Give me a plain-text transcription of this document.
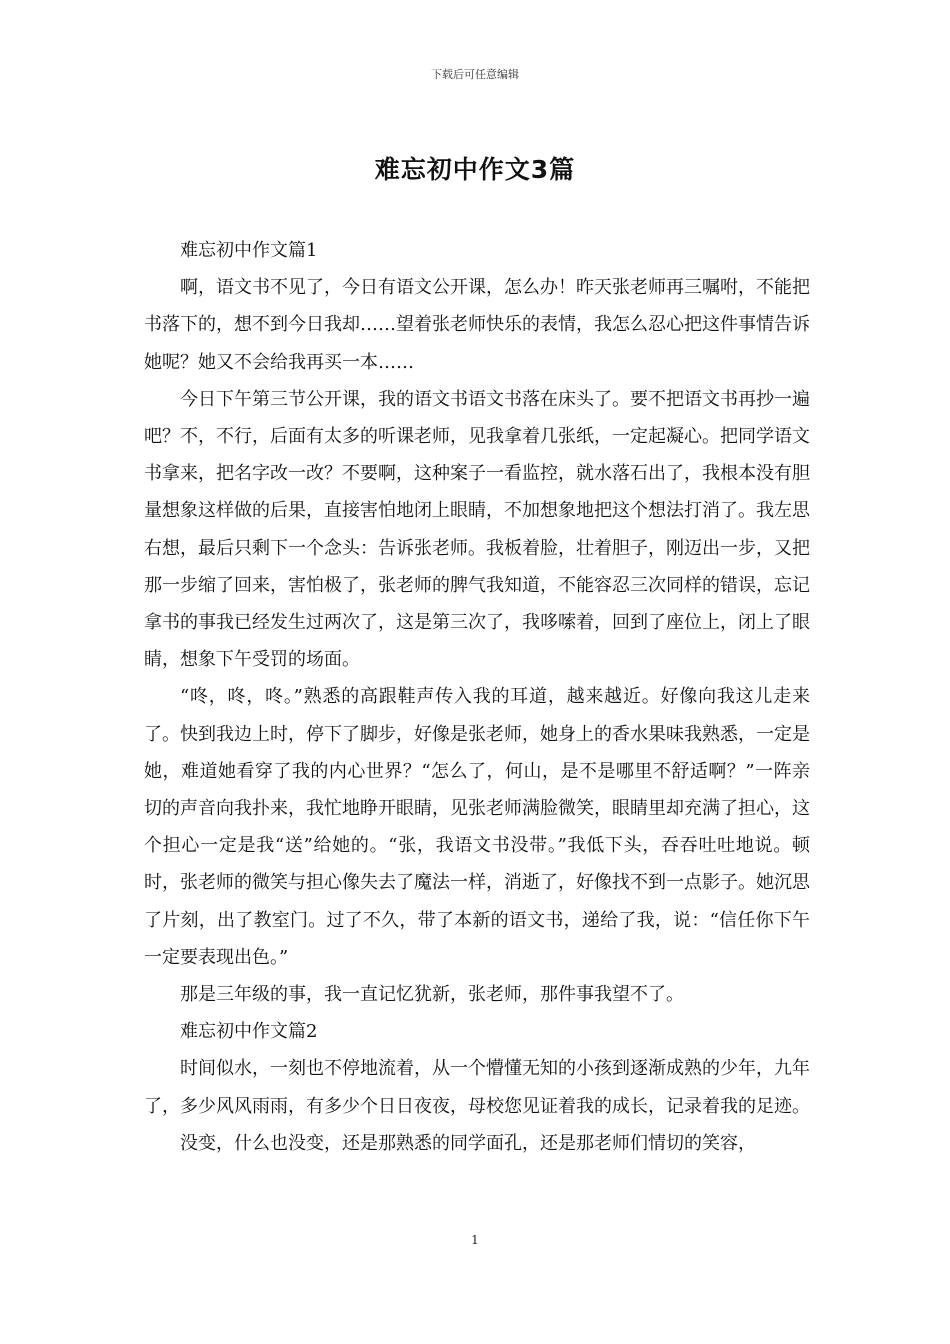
下载后可任意编辑
难忘初中作文3篇

难忘初中作文篇1

啊，语文书不见了，今日有语文公开课，怎么办！昨天张老师再三嘱咐，不能把书落下的，想不到今日我却……望着张老师快乐的表情，我怎么忍心把这件事情告诉她呢？她又不会给我再买一本……

今日下午第三节公开课，我的语文书语文书落在床头了。要不把语文书再抄一遍吧？不，不行，后面有太多的听课老师，见我拿着几张纸，一定起凝心。把同学语文书拿来，把名字改一改？不要啊，这种案子一看监控，就水落石出了，我根本没有胆量想象这样做的后果，直接害怕地闭上眼睛，不加想象地把这个想法打消了。我左思右想，最后只剩下一个念头：告诉张老师。我板着脸，壮着胆子，刚迈出一步，又把那一步缩了回来，害怕极了，张老师的脾气我知道，不能容忍三次同样的错误，忘记拿书的事我已经发生过两次了，这是第三次了，我哆嗦着，回到了座位上，闭上了眼睛，想象下午受罚的场面。

“咚，咚，咚。”熟悉的高跟鞋声传入我的耳道，越来越近。好像向我这儿走来了。快到我边上时，停下了脚步，好像是张老师，她身上的香水果味我熟悉，一定是她，难道她看穿了我的内心世界？“怎么了，何山，是不是哪里不舒适啊？”一阵亲切的声音向我扑来，我忙地睁开眼睛，见张老师满脸微笑，眼睛里却充满了担心，这个担心一定是我“送”给她的。“张，我语文书没带。”我低下头，吞吞吐吐地说。顿时，张老师的微笑与担心像失去了魔法一样，消逝了，好像找不到一点影子。她沉思了片刻，出了教室门。过了不久，带了本新的语文书，递给了我，说：“信任你下午一定要表现出色。”

那是三年级的事，我一直记忆犹新，张老师，那件事我望不了。

难忘初中作文篇2

时间似水，一刻也不停地流着，从一个懵懂无知的小孩到逐渐成熟的少年，九年了，多少风风雨雨，有多少个日日夜夜，母校您见证着我的成长，记录着我的足迹。

没变，什么也没变，还是那熟悉的同学面孔，还是那老师们情切的笑容，

1
